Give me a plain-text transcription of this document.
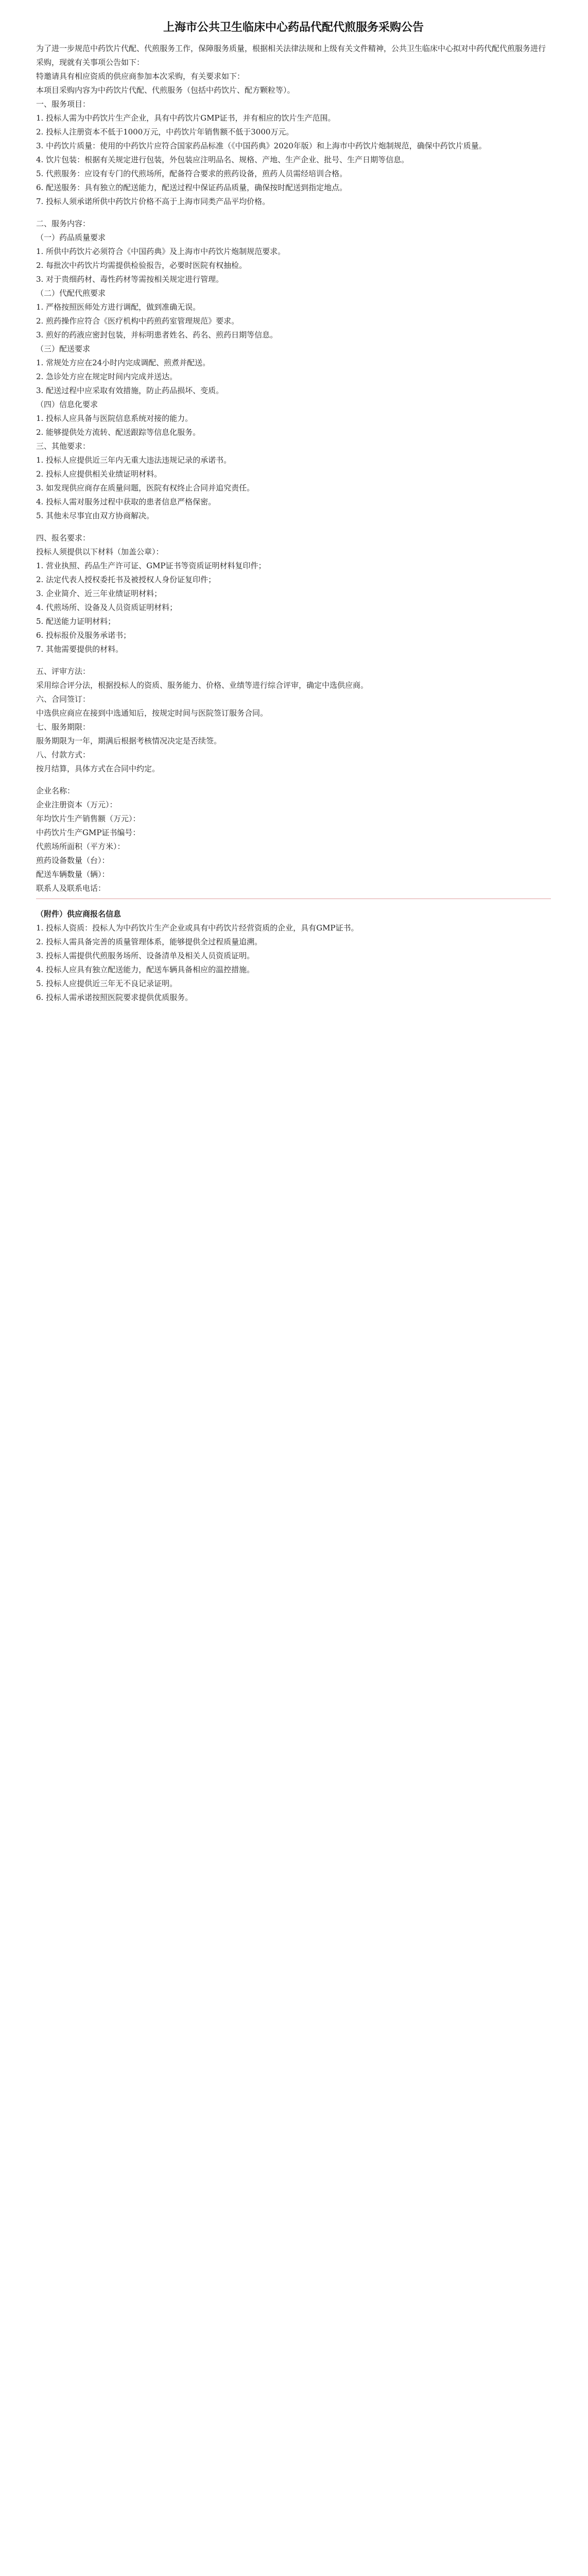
上海市公共卫生临床中心药品代配代煎服务采购公告

为了进一步规范中药饮片代配、代煎服务工作，保障服务质量，根据相关法律法规和上级有关文件精神，公共卫生临床中心拟对中药代配代煎服务进行采购，现就有关事项公告如下：

特邀请具有相应资质的供应商参加本次采购，有关要求如下：

本项目采购内容为中药饮片代配、代煎服务（包括中药饮片、配方颗粒等）。

一、服务项目：

1. 投标人需为中药饮片生产企业，具有中药饮片GMP证书，并有相应的饮片生产范围。

2. 投标人注册资本不低于1000万元，中药饮片年销售额不低于3000万元。

3. 中药饮片质量：使用的中药饮片应符合国家药品标准（《中国药典》2020年版）和上海市中药饮片炮制规范，确保中药饮片质量。

4. 饮片包装：根据有关规定进行包装，外包装应注明品名、规格、产地、生产企业、批号、生产日期等信息。

5. 代煎服务：应设有专门的代煎场所，配备符合要求的煎药设备，煎药人员需经培训合格。

6. 配送服务：具有独立的配送能力，配送过程中保证药品质量，确保按时配送到指定地点。

7. 投标人须承诺所供中药饮片价格不高于上海市同类产品平均价格。

二、服务内容：

（一）药品质量要求

1. 所供中药饮片必须符合《中国药典》及上海市中药饮片炮制规范要求。

2. 每批次中药饮片均需提供检验报告，必要时医院有权抽检。

3. 对于贵细药材、毒性药材等需按相关规定进行管理。

（二）代配代煎要求

1. 严格按照医师处方进行调配，做到准确无误。

2. 煎药操作应符合《医疗机构中药煎药室管理规范》要求。

3. 煎好的药液应密封包装，并标明患者姓名、药名、煎药日期等信息。

（三）配送要求

1. 常规处方应在24小时内完成调配、煎煮并配送。

2. 急诊处方应在规定时间内完成并送达。

3. 配送过程中应采取有效措施，防止药品损坏、变质。

（四）信息化要求

1. 投标人应具备与医院信息系统对接的能力。

2. 能够提供处方流转、配送跟踪等信息化服务。

三、其他要求：

1. 投标人应提供近三年内无重大违法违规记录的承诺书。

2. 投标人应提供相关业绩证明材料。

3. 如发现供应商存在质量问题，医院有权终止合同并追究责任。

4. 投标人需对服务过程中获取的患者信息严格保密。

5. 其他未尽事宜由双方协商解决。

四、报名要求：

投标人须提供以下材料（加盖公章）：

1. 营业执照、药品生产许可证、GMP证书等资质证明材料复印件；

2. 法定代表人授权委托书及被授权人身份证复印件；

3. 企业简介、近三年业绩证明材料；

4. 代煎场所、设备及人员资质证明材料；

5. 配送能力证明材料；

6. 投标报价及服务承诺书；

7. 其他需要提供的材料。

五、评审方法：

采用综合评分法，根据投标人的资质、服务能力、价格、业绩等进行综合评审，确定中选供应商。

六、合同签订：

中选供应商应在接到中选通知后，按规定时间与医院签订服务合同。

七、服务期限：

服务期限为一年，期满后根据考核情况决定是否续签。

八、付款方式：

按月结算，具体方式在合同中约定。

企业名称：

企业注册资本（万元）：

年均饮片生产销售额（万元）：

中药饮片生产GMP证书编号：

代煎场所面积（平方米）：

煎药设备数量（台）：

配送车辆数量（辆）：

联系人及联系电话：

（附件）供应商报名信息

1. 投标人资质：投标人为中药饮片生产企业或具有中药饮片经营资质的企业，具有GMP证书。

2. 投标人需具备完善的质量管理体系，能够提供全过程质量追溯。

3. 投标人需提供代煎服务场所、设备清单及相关人员资质证明。

4. 投标人应具有独立配送能力，配送车辆具备相应的温控措施。

5. 投标人应提供近三年无不良记录证明。

6. 投标人需承诺按照医院要求提供优质服务。
